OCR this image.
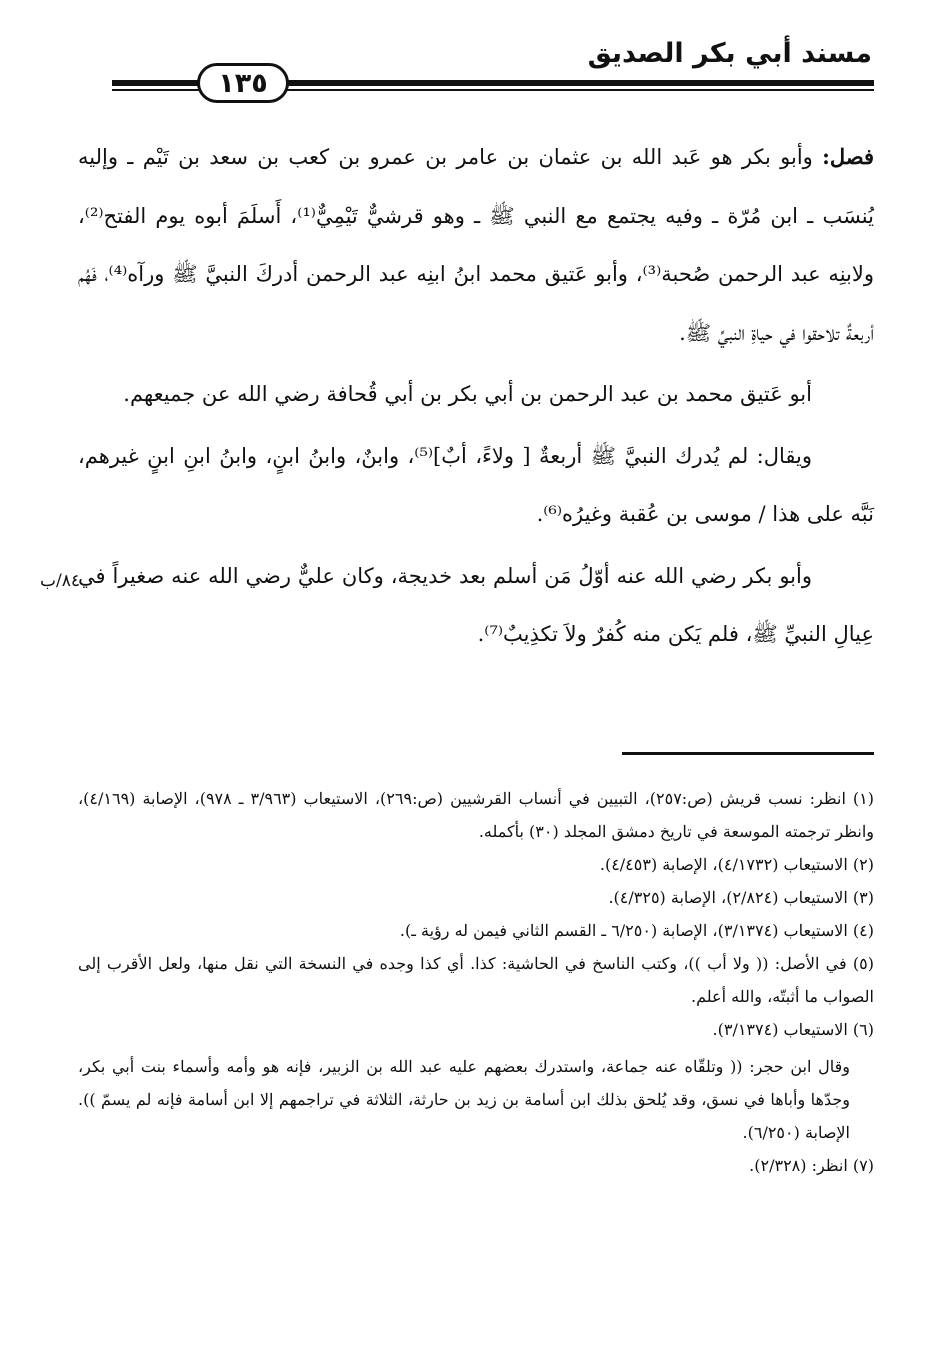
مسند أبي بكر الصديق
١٣٥

فصل: وأبو بكر هو عَبد الله بن عثمان بن عامر بن عمرو بن كعب بن سعد بن تَيْم ـ وإليه يُنسَب ـ ابن مُرّة ـ وفيه يجتمع مع النبي ﷺ ـ وهو قرشيٌّ تَيْمِيٌّ⁽¹⁾، أَسلَمَ أبوه يوم الفتح⁽²⁾، ولابنِه عبد الرحمن صُحبة⁽³⁾، وأبو عَتيق محمد ابنُ ابنِه عبد الرحمن أدركَ النبيَّ ﷺ ورآه⁽⁴⁾، فَهُم أربعةٌ تلاحقوا في حياةِ النبيِّ ﷺ.

أبو عَتيق محمد بن عبد الرحمن بن أبي بكر بن أبي قُحافة رضي الله عن جميعهم.

ويقال: لم يُدرك النبيَّ ﷺ أربعةٌ [ ولاءً، أبٌ]⁽⁵⁾، وابنٌ، وابنُ ابنٍ، وابنُ ابنِ ابنٍ غيرهم، نَبَّه على هذا / موسى بن عُقبة وغيرُه⁽⁶⁾.

وأبو بكر رضي الله عنه أوّلُ مَن أسلم بعد خديجة، وكان عليٌّ رضي الله عنه صغيراً في عِيالِ النبيِّ ﷺ، فلم يَكن منه كُفرٌ ولاَ تكذِيبٌ⁽⁷⁾.

٨٤/ب

(١) انظر: نسب قريش (ص:٢٥٧)، التبيين في أنساب القرشيين (ص:٢٦٩)، الاستيعاب (٣/٩٦٣ ـ ٩٧٨)، الإصابة (٤/١٦٩)، وانظر ترجمته الموسعة في تاريخ دمشق المجلد (٣٠) بأكمله.

(٢) الاستيعاب (٤/١٧٣٢)، الإصابة (٤/٤٥٣).

(٣) الاستيعاب (٢/٨٢٤)، الإصابة (٤/٣٢٥).

(٤) الاستيعاب (٣/١٣٧٤)، الإصابة (٦/٢٥٠ ـ القسم الثاني فيمن له رؤية ـ).

(٥) في الأصل: (( ولا أب ))، وكتب الناسخ في الحاشية: كذا. أي كذا وجده في النسخة التي نقل منها، ولعل الأقرب إلى الصواب ما أثبتّه، والله أعلم.

(٦) الاستيعاب (٣/١٣٧٤).

وقال ابن حجر: (( وتلقّاه عنه جماعة، واستدرك بعضهم عليه عبد الله بن الزبير، فإنه هو وأمه وأسماء بنت أبي بكر، وجدّها وأباها في نسق، وقد يُلحق بذلك ابن أسامة بن زيد بن حارثة، الثلاثة في تراجمهم إلا ابن أسامة فإنه لم يسمّ )). الإصابة (٦/٢٥٠).

(٧) انظر: (٢/٣٢٨).
